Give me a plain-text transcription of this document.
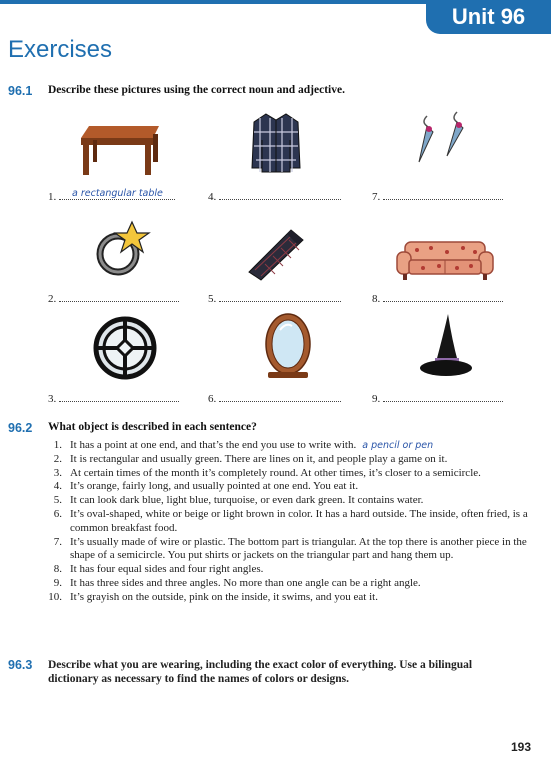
Unit 96
Exercises
96.1 Describe these pictures using the correct noun and adjective.
1.	a rectangular table	4.	7.
2.	5.	8.
3.	6.	9.
96.2 What object is described in each sentence?
1. It has a point at one end, and that’s the end you use to write with. a pencil or pen
2. It is rectangular and usually green. There are lines on it, and people play a game on it.
3. At certain times of the month it’s completely round. At other times, it’s closer to a semicircle.
4. It’s orange, fairly long, and usually pointed at one end. You eat it.
5. It can look dark blue, light blue, turquoise, or even dark green. It contains water.
6. It’s oval-shaped, white or beige or light brown in color. It has a hard outside. The inside, often fried, is a common breakfast food.
7. It’s usually made of wire or plastic. The bottom part is triangular. At the top there is another piece in the shape of a semicircle. You put shirts or jackets on the triangular part and hang them up.
8. It has four equal sides and four right angles.
9. It has three sides and three angles. No more than one angle can be a right angle.
10. It’s grayish on the outside, pink on the inside, it swims, and you eat it.
96.3 Describe what you are wearing, including the exact color of everything. Use a bilingual dictionary as necessary to find the names of colors or designs.
193
